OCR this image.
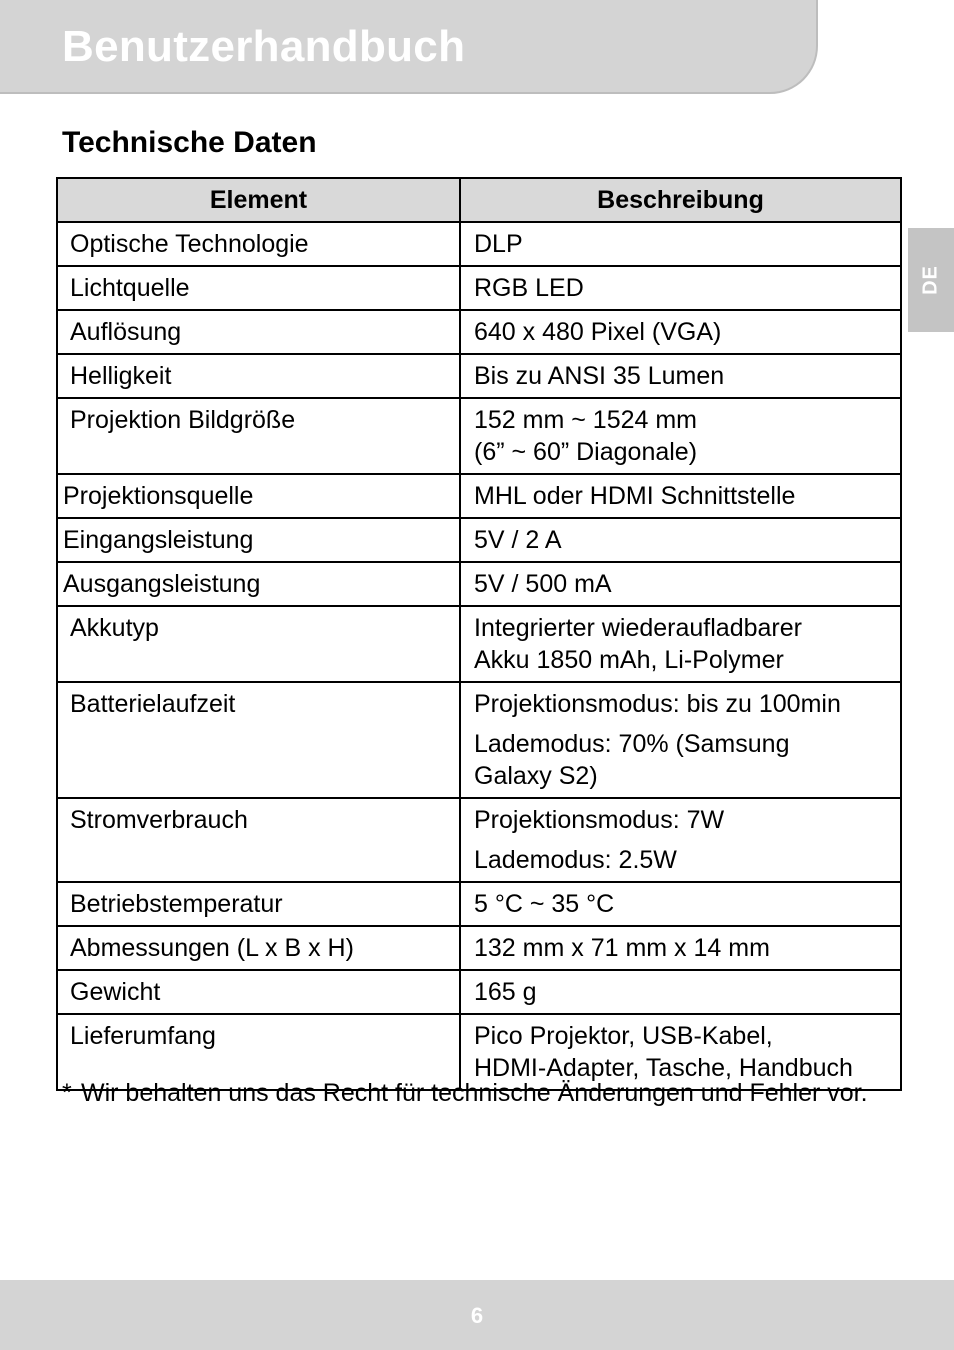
Benutzerhandbuch
DE
Technische Daten
Element	Beschreibung
Optische Technologie	DLP

Lichtquelle	RGB LED

Auflösung	640 x 480 Pixel (VGA)

Helligkeit	Bis zu ANSI 35 Lumen

Projektion Bildgröße	152 mm ~ 1524 mm
(6” ~ 60” Diagonale)

Projektionsquelle	MHL oder HDMI Schnittstelle

Eingangsleistung	5V / 2 A

Ausgangsleistung	5V / 500 mA

Akkutyp	Integrierter wiederaufladbarer
Akku 1850 mAh, Li-Polymer

Batterielaufzeit	Projektionsmodus: bis zu 100min
Lademodus: 70% (Samsung
Galaxy S2)

Stromverbrauch	Projektionsmodus: 7W
Lademodus: 2.5W

Betriebstemperatur	5 °C ~ 35 °C

Abmessungen (L x B x H)	132 mm x 71 mm x 14 mm

Gewicht	165 g

Lieferumfang	Pico Projektor, USB-Kabel,
HDMI-Adapter, Tasche, Handbuch
* Wir behalten uns das Recht für technische Änderungen und Fehler vor.
6
